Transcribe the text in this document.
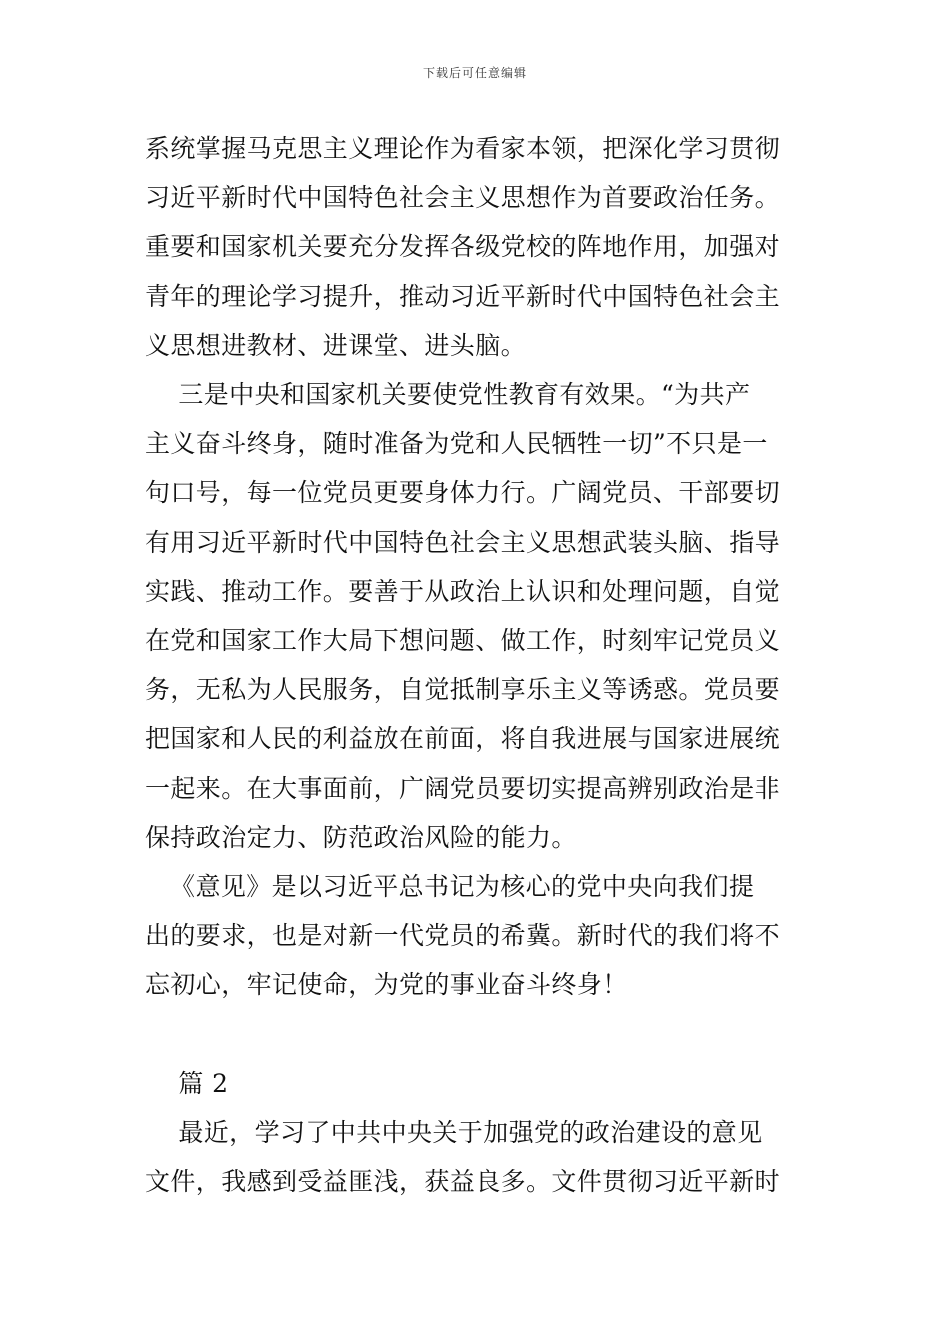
下载后可任意编辑

系统掌握马克思主义理论作为看家本领，把深化学习贯彻
习近平新时代中国特色社会主义思想作为首要政治任务。
重要和国家机关要充分发挥各级党校的阵地作用，加强对
青年的理论学习提升，推动习近平新时代中国特色社会主
义思想进教材、进课堂、进头脑。

三是中央和国家机关要使党性教育有效果。“为共产
主义奋斗终身，随时准备为党和人民牺牲一切”不只是一
句口号，每一位党员更要身体力行。广阔党员、干部要切
有用习近平新时代中国特色社会主义思想武装头脑、指导
实践、推动工作。要善于从政治上认识和处理问题，自觉
在党和国家工作大局下想问题、做工作，时刻牢记党员义
务，无私为人民服务，自觉抵制享乐主义等诱惑。党员要
把国家和人民的利益放在前面，将自我进展与国家进展统
一起来。在大事面前，广阔党员要切实提高辨别政治是非
保持政治定力、防范政治风险的能力。

《意见》是以习近平总书记为核心的党中央向我们提
出的要求，也是对新一代党员的希冀。新时代的我们将不
忘初心，牢记使命，为党的事业奋斗终身！

篇 2

最近，学习了中共中央关于加强党的政治建设的意见
文件，我感到受益匪浅，获益良多。文件贯彻习近平新时
